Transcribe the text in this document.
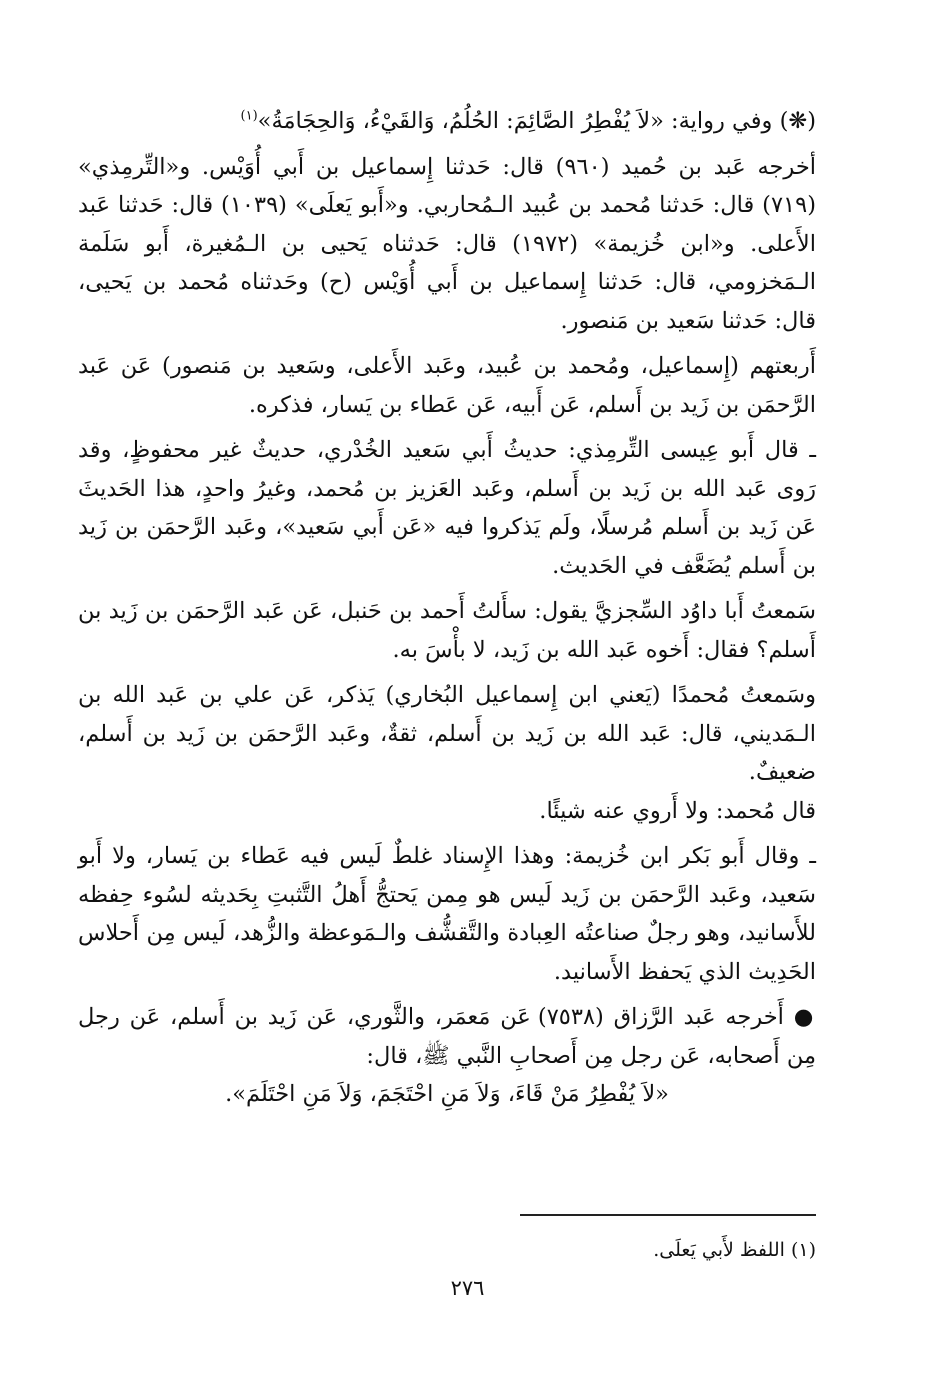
(❋) وفي رواية: «لاَ يُفْطِرُ الصَّائِمَ: الحُلُمُ، وَالقَيْءُ، وَالحِجَامَةُ»$^{(١)}$

أخرجه عَبد بن حُميد (٩٦٠) قال: حَدثنا إِسماعيل بن أَبي أُوَيْس. و«التِّرمِذي» (٧١٩) قال: حَدثنا مُحمد بن عُبيد الـمُحاربي. و«أَبو يَعلَى» (١٠٣٩) قال: حَدثنا عَبد الأَعلى. و«ابن خُزيمة» (١٩٧٢) قال: حَدثناه يَحيى بن الـمُغيرة، أَبو سَلَمة الـمَخزومي، قال: حَدثنا إِسماعيل بن أَبي أُوَيْس (ح) وحَدثناه مُحمد بن يَحيى، قال: حَدثنا سَعيد بن مَنصور.

أَربعتهم (إِسماعيل، ومُحمد بن عُبيد، وعَبد الأَعلى، وسَعيد بن مَنصور) عَن عَبد الرَّحمَن بن زَيد بن أَسلم، عَن أَبيه، عَن عَطاء بن يَسار، فذكره.

ـ قال أَبو عِيسى التِّرمِذي: حديثُ أَبي سَعيد الخُدْري، حديثٌ غير محفوظٍ، وقد رَوى عَبد الله بن زَيد بن أَسلم، وعَبد العَزيز بن مُحمد، وغيرُ واحدٍ، هذا الحَديثَ عَن زَيد بن أَسلم مُرسلًا، ولَم يَذكروا فيه «عَن أَبي سَعيد»، وعَبد الرَّحمَن بن زَيد بن أَسلم يُضَعَّف في الحَديث.

سَمعتُ أَبا داوُد السِّجزيَّ يقول: سأَلتُ أَحمد بن حَنبل، عَن عَبد الرَّحمَن بن زَيد بن أَسلم؟ فقال: أَخوه عَبد الله بن زَيد، لا بأْسَ به.

وسَمعتُ مُحمدًا (يَعني ابن إِسماعيل البُخاري) يَذكر، عَن علي بن عَبد الله بن الـمَديني، قال: عَبد الله بن زَيد بن أَسلم، ثقةٌ، وعَبد الرَّحمَن بن زَيد بن أَسلم، ضعيفٌ.

قال مُحمد: ولا أَروي عنه شيئًا.

ـ وقال أَبو بَكر ابن خُزيمة: وهذا الإِسناد غلطٌ لَيس فيه عَطاء بن يَسار، ولا أَبو سَعيد، وعَبد الرَّحمَن بن زَيد لَيس هو مِمن يَحتجُّ أَهلُ التَّثبتِ بِحَديثه لسُوء حِفظه للأَسانيد، وهو رجلٌ صناعتُه العِبادة والتَّقشُّف والـمَوعظة والزُّهد، لَيس مِن أَحلاس الحَدِيث الذي يَحفظ الأَسانيد.

● أَخرجه عَبد الرَّزاق (٧٥٣٨) عَن مَعمَر، والثَّوري، عَن زَيد بن أَسلم، عَن رجل مِن أَصحابه، عَن رجل مِن أَصحابِ النَّبي ﷺ، قال:

«لاَ يُفْطِرُ مَنْ قَاءَ، وَلاَ مَنِ احْتَجَمَ، وَلاَ مَنِ احْتَلَمَ».

(١) اللفظ لأَبي يَعلَى.
٢٧٦
